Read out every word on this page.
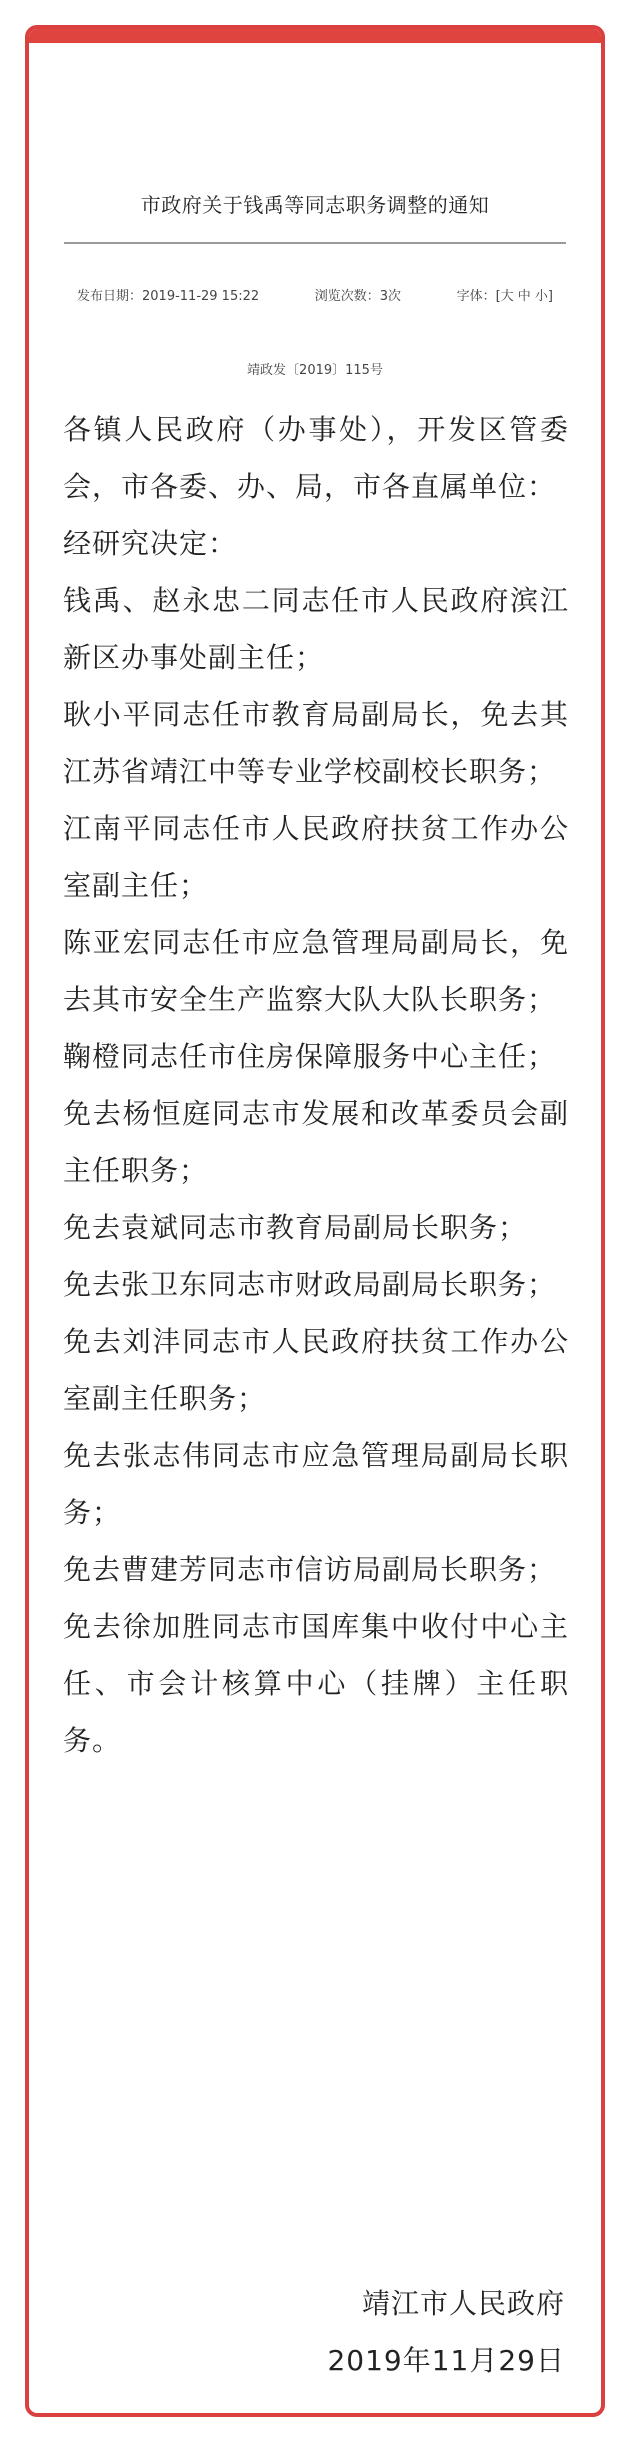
市政府关于钱禹等同志职务调整的通知
发布日期：2019-11-29 15:22	浏览次数：3次	字体：[大 中 小]
靖政发〔2019〕115号

各镇人民政府（办事处），开发区管委会，市各委、办、局，市各直属单位：

经研究决定：

钱禹、赵永忠二同志任市人民政府滨江新区办事处副主任；

耿小平同志任市教育局副局长，免去其江苏省靖江中等专业学校副校长职务；

江南平同志任市人民政府扶贫工作办公室副主任；

陈亚宏同志任市应急管理局副局长，免去其市安全生产监察大队大队长职务；

鞠橙同志任市住房保障服务中心主任；

免去杨恒庭同志市发展和改革委员会副主任职务；

免去袁斌同志市教育局副局长职务；

免去张卫东同志市财政局副局长职务；

免去刘沣同志市人民政府扶贫工作办公室副主任职务；

免去张志伟同志市应急管理局副局长职务；

免去曹建芳同志市信访局副局长职务；

免去徐加胜同志市国库集中收付中心主任、市会计核算中心（挂牌）主任职务。

靖江市人民政府
2019年11月29日
